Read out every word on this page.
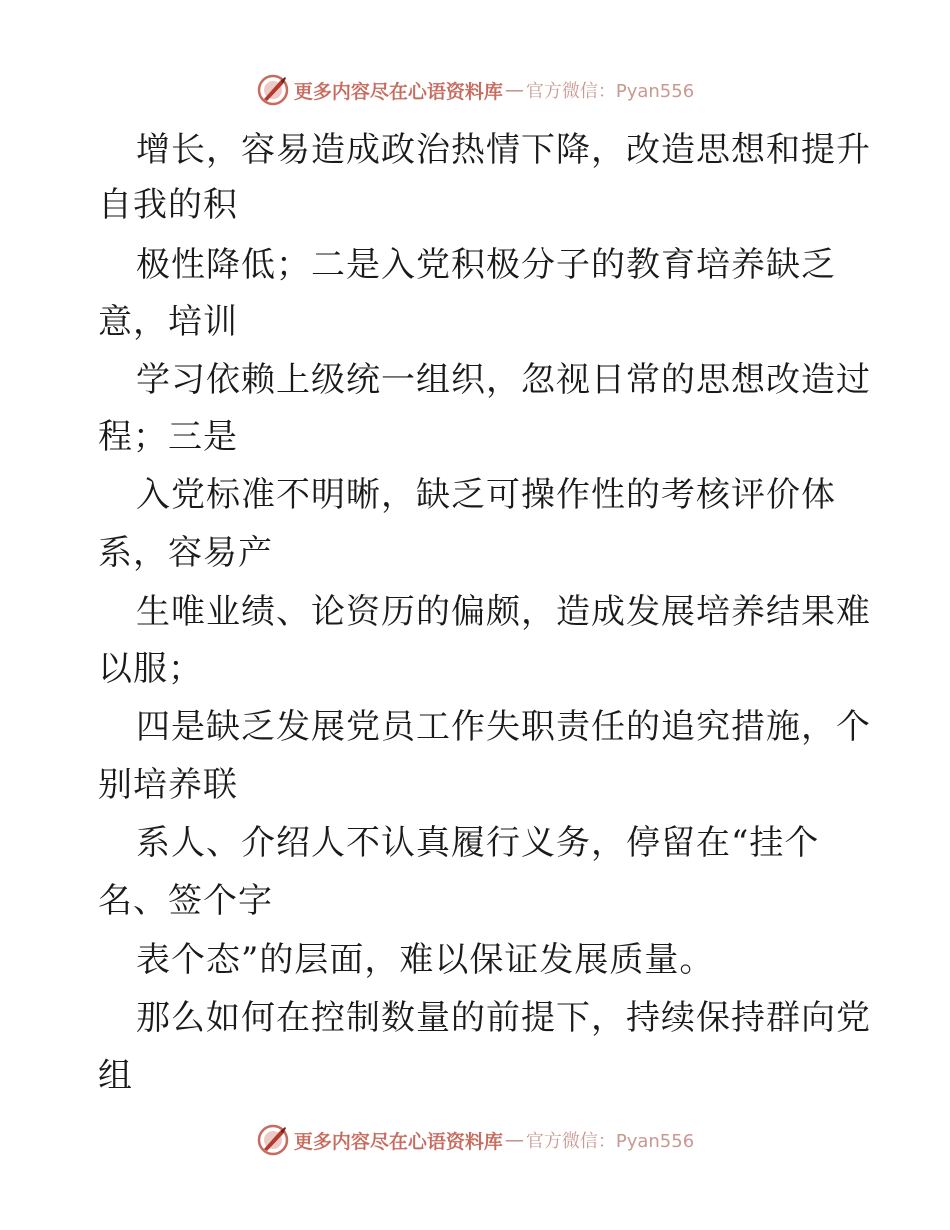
更多内容尽在心语资料库 — 官方微信：Pyan556
增长，容易造成政治热情下降，改造思想和提升
自我的积
极性降低；二是入党积极分子的教育培养缺乏
意，培训
学习依赖上级统一组织，忽视日常的思想改造过
程；三是
入党标准不明晰，缺乏可操作性的考核评价体
系，容易产
生唯业绩、论资历的偏颇，造成发展培养结果难
以服；
四是缺乏发展党员工作失职责任的追究措施，个
别培养联
系人、介绍人不认真履行义务，停留在“挂个
名、签个字
表个态”的层面，难以保证发展质量。
那么如何在控制数量的前提下，持续保持群向党
组
更多内容尽在心语资料库 — 官方微信：Pyan556
